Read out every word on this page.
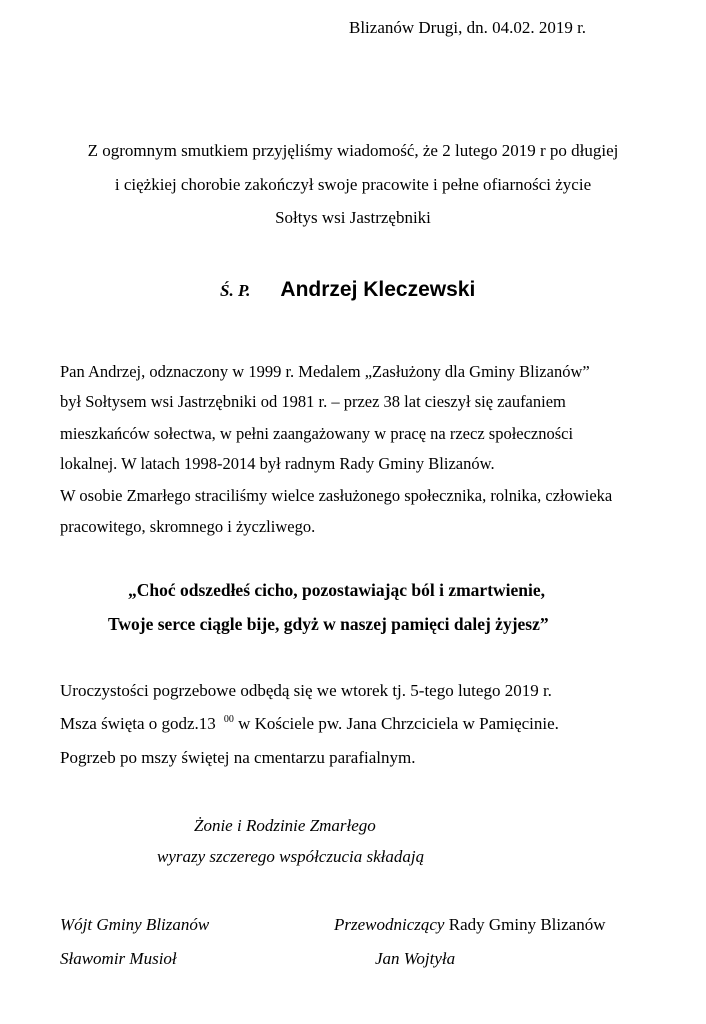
Blizanów Drugi, dn. 04.02. 2019 r.
Z ogromnym smutkiem przyjęliśmy wiadomość, że 2 lutego 2019 r po długiej
i ciężkiej chorobie zakończył swoje pracowite i pełne ofiarności życie
Sołtys wsi Jastrzębniki
Ś. P. Andrzej Kleczewski
Pan Andrzej, odznaczony w 1999 r. Medalem „Zasłużony dla Gminy Blizanów”
był Sołtysem wsi Jastrzębniki od 1981 r. – przez 38 lat cieszył się zaufaniem
mieszkańców sołectwa, w pełni zaangażowany w pracę na rzecz społeczności
lokalnej. W latach 1998-2014 był radnym Rady Gminy Blizanów.
W osobie Zmarłego straciliśmy wielce zasłużonego społecznika, rolnika, człowieka
pracowitego, skromnego i życzliwego.
„Choć odszedłeś cicho, pozostawiając ból i zmartwienie,
Twoje serce ciągle bije, gdyż w naszej pamięci dalej żyjesz”
Uroczystości pogrzebowe odbędą się we wtorek tj. 5-tego lutego 2019 r.
Msza święta o godz.13 $^{00}$ w Kościele pw. Jana Chrzciciela w Pamięcinie.
Pogrzeb po mszy świętej na cmentarzu parafialnym.
Żonie i Rodzinie Zmarłego
wyrazy szczerego współczucia składają
Wójt Gminy Blizanów
Sławomir Musioł
Przewodniczący Rady Gminy Blizanów
Jan Wojtyła
